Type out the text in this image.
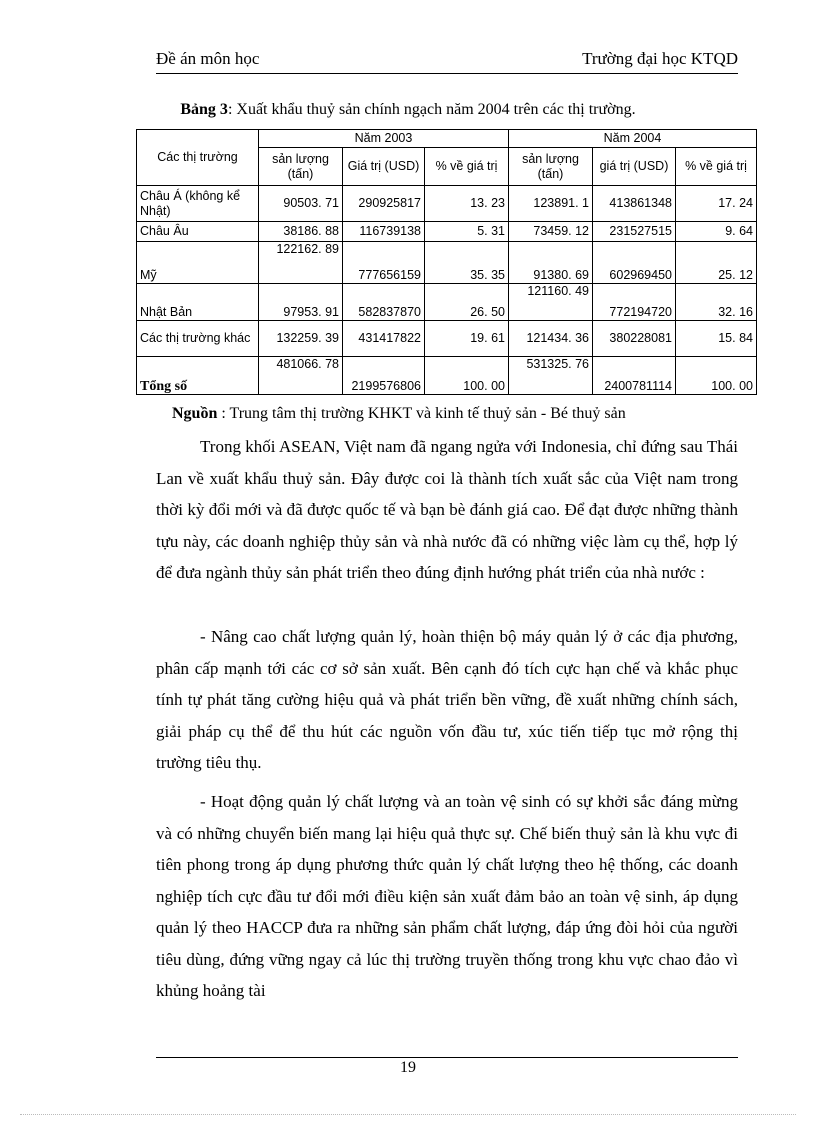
Đề án môn học	Trường đại học KTQD
Bảng 3: Xuất khẩu thuỷ sản chính ngạch năm 2004 trên các thị trường.
Các thị trường	Năm 2003			Năm 2004		
	sản lượng (tấn)	Giá trị (USD)	% về giá trị	sản lượng (tấn)	giá trị (USD)	% về giá trị
Châu Á (không kể Nhật)	90503. 71	290925817	13. 23	123891. 1	413861348	17. 24
Châu Âu	38186. 88	116739138	5. 31	73459. 12	231527515	9. 64
Mỹ	122162. 89	777656159	35. 35	91380. 69	602969450	25. 12
Nhật Bản	97953. 91	582837870	26. 50	121160. 49	772194720	32. 16
Các thị trường khác	132259. 39	431417822	19. 61	121434. 36	380228081	15. 84
Tổng số	481066. 78	2199576806	100. 00	531325. 76	2400781114	100. 00
Nguồn : Trung tâm thị trường KHKT và kinh tế thuỷ sản - Bé thuỷ sản

Trong khối ASEAN, Việt nam đã ngang ngửa với Indonesia, chỉ đứng sau Thái Lan về xuất khẩu thuỷ sản. Đây được coi là thành tích xuất sắc của Việt nam trong thời kỳ đổi mới và đã được quốc tế và bạn bè đánh giá cao. Để đạt được những thành tựu này, các doanh nghiệp thủy sản và nhà nước đã có những việc làm cụ thể, hợp lý để đưa ngành thủy sản phát triển theo đúng định hướng phát triển của nhà nước :

- Nâng cao chất lượng quản lý, hoàn thiện bộ máy quản lý ở các địa phương, phân cấp mạnh tới các cơ sở sản xuất. Bên cạnh đó tích cực hạn chế và khắc phục tính tự phát tăng cường hiệu quả và phát triển bền vững, đề xuất những chính sách, giải pháp cụ thể để thu hút các nguồn vốn đầu tư, xúc tiến tiếp tục mở rộng thị trường tiêu thụ.

- Hoạt động quản lý chất lượng và an toàn vệ sinh có sự khởi sắc đáng mừng và có những chuyển biến mang lại hiệu quả thực sự. Chế biến thuỷ sản là khu vực đi tiên phong trong áp dụng phương thức quản lý chất lượng theo hệ thống, các doanh nghiệp tích cực đầu tư đổi mới điều kiện sản xuất đảm bảo an toàn vệ sinh, áp dụng quản lý theo HACCP đưa ra những sản phẩm chất lượng, đáp ứng đòi hỏi của người tiêu dùng, đứng vững ngay cả lúc thị trường truyền thống trong khu vực chao đảo vì khủng hoảng tài

19
